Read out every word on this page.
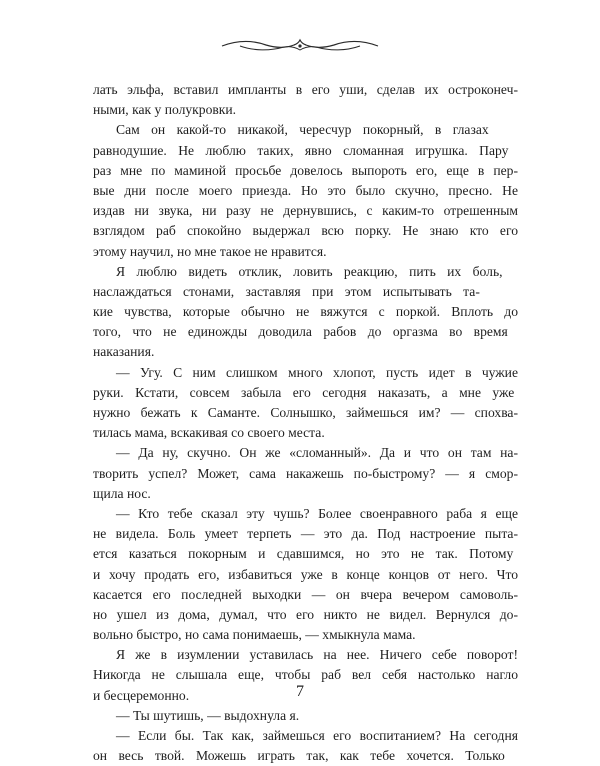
лать эльфа, вставил импланты в его уши, сделав их остроконеч-
ными, как у полукровки.
Сам он какой-то никакой, чересчур покорный, в глазах
равнодушие. Не люблю таких, явно сломанная игрушка. Пару
раз мне по маминой просьбе довелось выпороть его, еще в пер-
вые дни после моего приезда. Но это было скучно, пресно. Не
издав ни звука, ни разу не дернувшись, с каким-то отрешенным
взглядом раб спокойно выдержал всю порку. Не знаю кто его
этому научил, но мне такое не нравится.
Я люблю видеть отклик, ловить реакцию, пить их боль,
наслаждаться стонами, заставляя при этом испытывать та-
кие чувства, которые обычно не вяжутся с поркой. Вплоть до
того, что не единожды доводила рабов до оргазма во время
наказания.
— Угу. С ним слишком много хлопот, пусть идет в чужие
руки. Кстати, совсем забыла его сегодня наказать, а мне уже
нужно бежать к Саманте. Солнышко, займешься им? — спохва-
тилась мама, вскакивая со своего места.
— Да ну, скучно. Он же «сломанный». Да и что он там на-
творить успел? Может, сама накажешь по-быстрому? — я смор-
щила нос.
— Кто тебе сказал эту чушь? Более своенравного раба я еще
не видела. Боль умеет терпеть — это да. Под настроение пыта-
ется казаться покорным и сдавшимся, но это не так. Потому
и хочу продать его, избавиться уже в конце концов от него. Что
касается его последней выходки — он вчера вечером самоволь-
но ушел из дома, думал, что его никто не видел. Вернулся до-
вольно быстро, но сама понимаешь, — хмыкнула мама.
Я же в изумлении уставилась на нее. Ничего себе поворот!
Никогда не слышала еще, чтобы раб вел себя настолько нагло
и бесцеремонно.
— Ты шутишь, — выдохнула я.
— Если бы. Так как, займешься его воспитанием? На сегодня
он весь твой. Можешь играть так, как тебе хочется. Только
7
